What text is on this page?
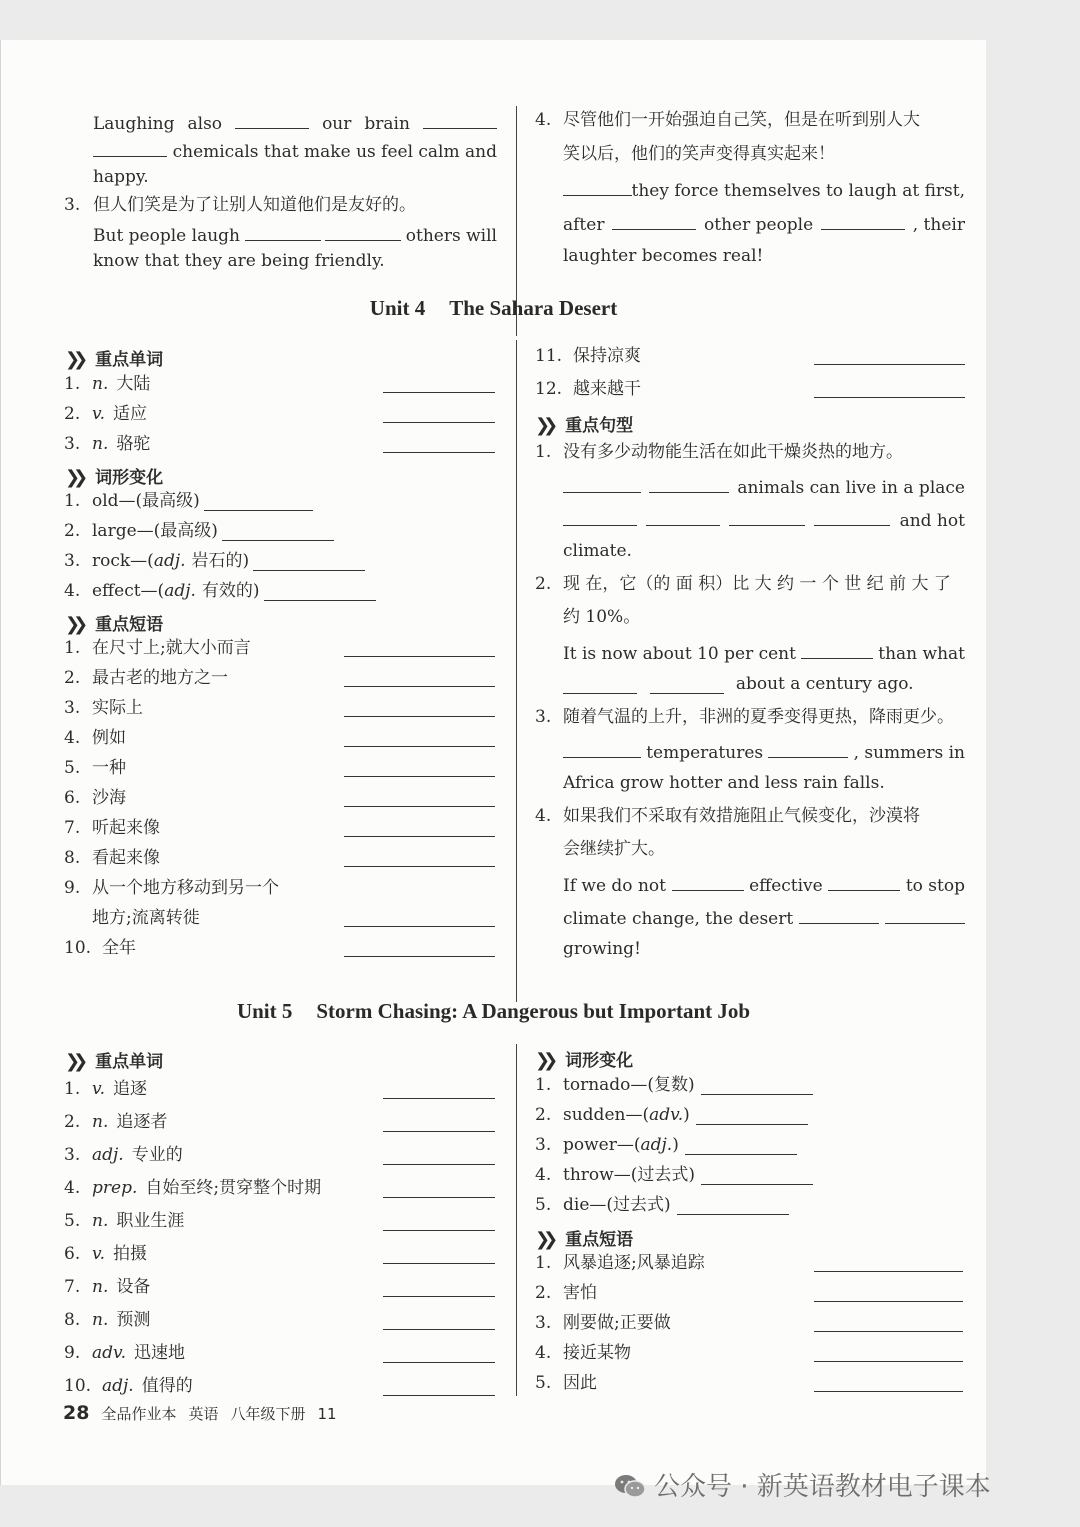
Laughing also	our brain
chemicals that make us feel calm and
happy.
3. 但人们笑是为了让别人知道他们是友好的。
But people laugh	others will
know that they are being friendly.
4. 尽管他们一开始强迫自己笑，但是在听到别人大
笑以后，他们的笑声变得真实起来！
they force themselves to laugh at first,
after	other people	, their
laughter becomes real!
Unit 4 The Sahara Desert
❯❯ 重点单词
1. n. 大陆
2. v. 适应
3. n. 骆驼
❯❯ 词形变化
1. old—(最高级)
2. large—(最高级)
3. rock—(adj. 岩石的)
4. effect—(adj. 有效的)
❯❯ 重点短语
1. 在尺寸上;就大小而言
2. 最古老的地方之一
3. 实际上
4. 例如
5. 一种
6. 沙海
7. 听起来像
8. 看起来像
9. 从一个地方移动到另一个
地方;流离转徙
10. 全年
11. 保持凉爽
12. 越来越干
❯❯ 重点句型
1. 没有多少动物能生活在如此干燥炎热的地方。
animals can live in a place
and hot
climate.
2. 现 在，它（的 面 积）比 大 约 一 个 世 纪 前 大 了
约 10%。
It is now about 10 per cent	than what
about a century ago.
3. 随着气温的上升，非洲的夏季变得更热，降雨更少。
temperatures	, summers in
Africa grow hotter and less rain falls.
4. 如果我们不采取有效措施阻止气候变化，沙漠将
会继续扩大。
If we do not	effective	to stop
climate change, the desert
growing!
Unit 5 Storm Chasing: A Dangerous but Important Job
❯❯ 重点单词
1. v. 追逐
2. n. 追逐者
3. adj. 专业的
4. prep. 自始至终;贯穿整个时期
5. n. 职业生涯
6. v. 拍摄
7. n. 设备
8. n. 预测
9. adv. 迅速地
10. adj. 值得的
❯❯ 词形变化
1. tornado—(复数)
2. sudden—(adv.)
3. power—(adj.)
4. throw—(过去式)
5. die—(过去式)
❯❯ 重点短语
1. 风暴追逐;风暴追踪
2. 害怕
3. 刚要做;正要做
4. 接近某物
5. 因此
28 全品作业本 英语 八年级下册 11
公众号 · 新英语教材电子课本
